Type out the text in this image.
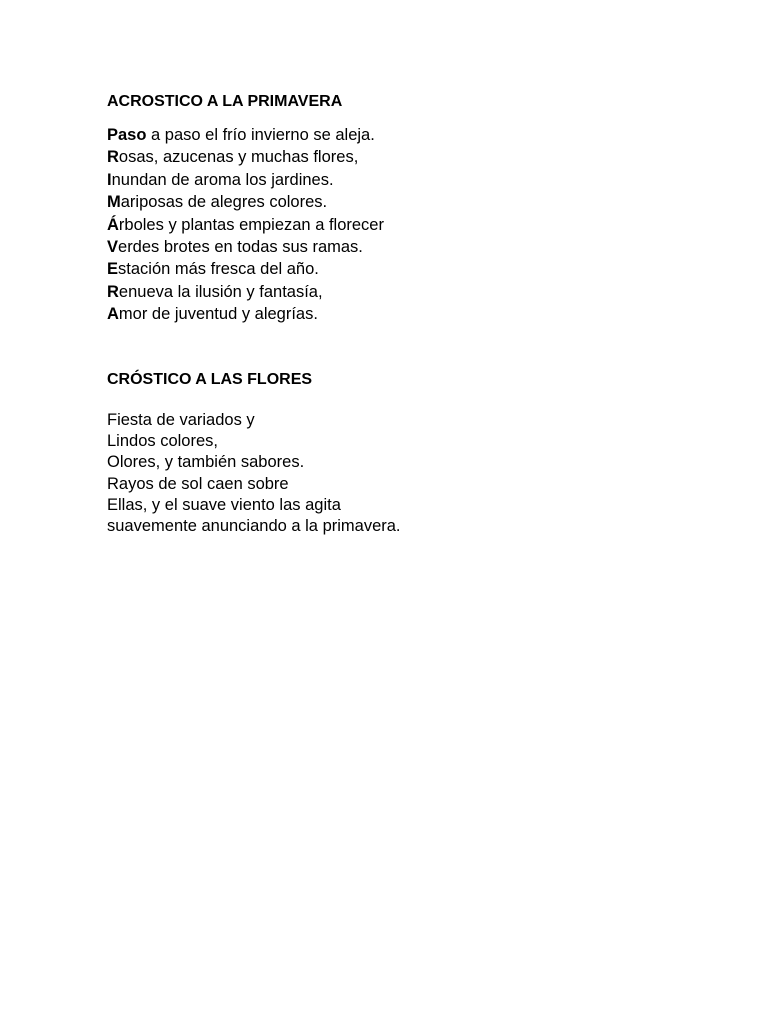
ACROSTICO A LA PRIMAVERA
Paso a paso el frío invierno se aleja.
Rosas, azucenas y muchas flores,
Inundan de aroma los jardines.
Mariposas de alegres colores.
Árboles y plantas empiezan a florecer
Verdes brotes en todas sus ramas.
Estación más fresca del año.
Renueva la ilusión y fantasía,
Amor de juventud y alegrías.
CRÓSTICO A LAS FLORES
Fiesta de variados y
Lindos colores,
Olores, y también sabores.
Rayos de sol caen sobre
Ellas, y el suave viento las agita
suavemente anunciando a la primavera.
